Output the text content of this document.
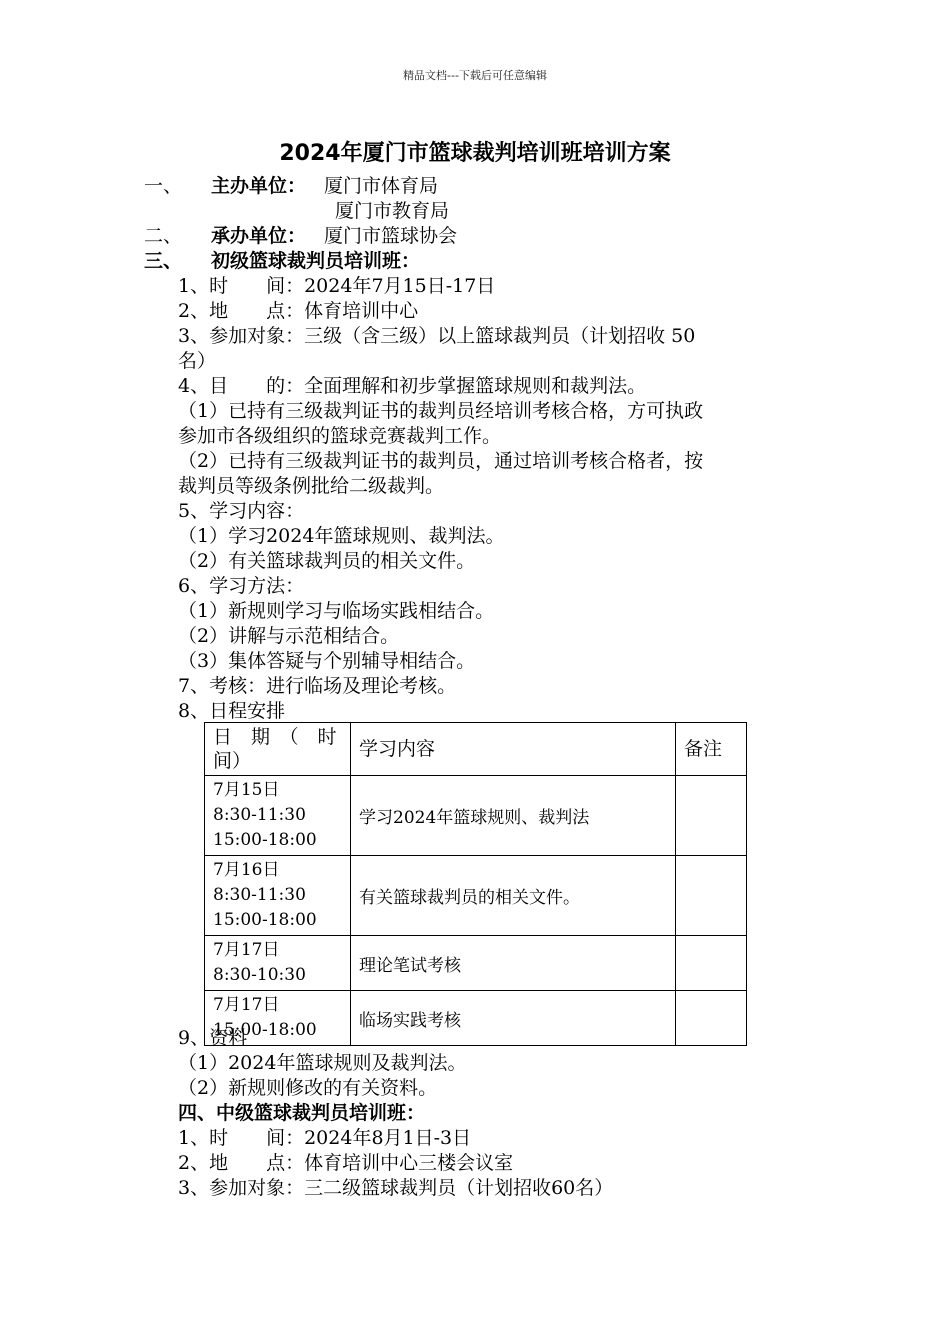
精品文档---下载后可任意编辑
2024年厦门市篮球裁判培训班培训方案
一、 主办单位： 厦门市体育局
厦门市教育局
二、 承办单位： 厦门市篮球协会
三、 初级篮球裁判员培训班：
1、时　　间：2024年7月15日-17日
2、地　　点：体育培训中心
3、参加对象：三级（含三级）以上篮球裁判员（计划招收 50
名）
4、目　　的：全面理解和初步掌握篮球规则和裁判法。
（1）已持有三级裁判证书的裁判员经培训考核合格，方可执政
参加市各级组织的篮球竞赛裁判工作。
（2）已持有三级裁判证书的裁判员，通过培训考核合格者，按
裁判员等级条例批给二级裁判。
5、学习内容：
（1）学习2024年篮球规则、裁判法。
（2）有关篮球裁判员的相关文件。
6、学习方法：
（1）新规则学习与临场实践相结合。
（2）讲解与示范相结合。
（3）集体答疑与个别辅导相结合。
7、考核：进行临场及理论考核。
8、日程安排
日　期　（　时
间）	学习内容	备注

7月15日
8:30-11:30
15:00-18:00	学习2024年篮球规则、裁判法	

7月16日
8:30-11:30
15:00-18:00	有关篮球裁判员的相关文件。	

7月17日
8:30-10:30	理论笔试考核	

7月17日
15:00-18:00	临场实践考核	
9、资料
（1）2024年篮球规则及裁判法。
（2）新规则修改的有关资料。
四、中级篮球裁判员培训班：
1、时　　间：2024年8月1日-3日
2、地　　点：体育培训中心三楼会议室
3、参加对象：三二级篮球裁判员（计划招收60名）
